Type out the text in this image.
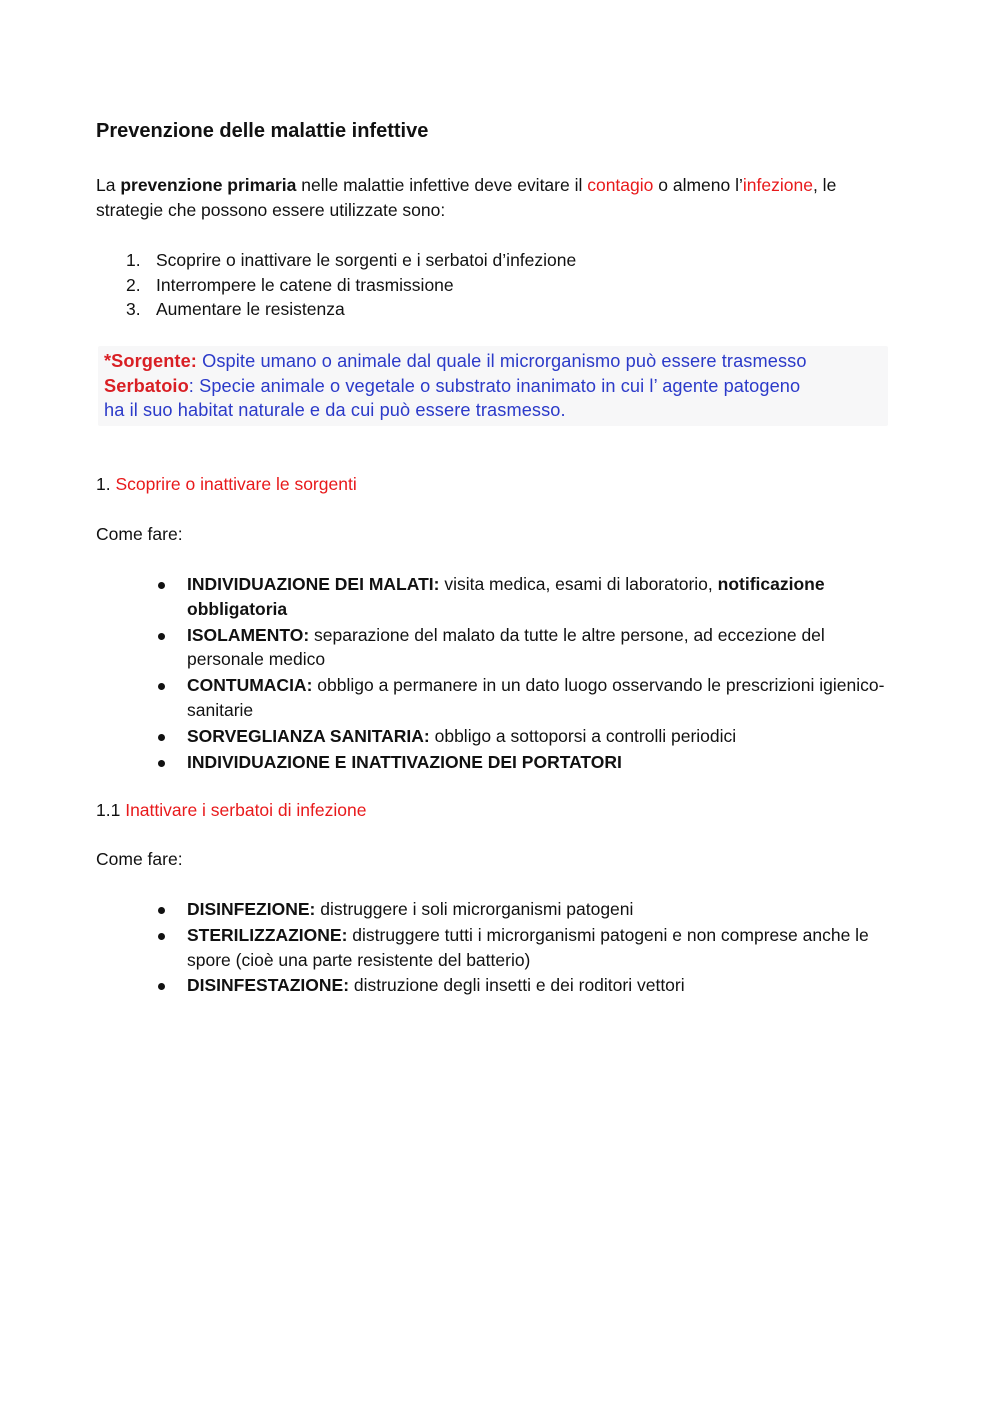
Prevenzione delle malattie infettive

La prevenzione primaria nelle malattie infettive deve evitare il contagio o almeno l’infezione, le strategie che possono essere utilizzate sono:

1. Scoprire o inattivare le sorgenti e i serbatoi d’infezione
2. Interrompere le catene di trasmissione
3. Aumentare le resistenza

*Sorgente: Ospite umano o animale dal quale il microrganismo può essere trasmesso

Serbatoio: Specie animale o vegetale o substrato inanimato in cui l’ agente patogeno

ha il suo habitat naturale e da cui può essere trasmesso.

1. Scoprire o inattivare le sorgenti

Come fare:

INDIVIDUAZIONE DEI MALATI: visita medica, esami di laboratorio, notificazione obbligatoria
ISOLAMENTO: separazione del malato da tutte le altre persone, ad eccezione del personale medico
CONTUMACIA: obbligo a permanere in un dato luogo osservando le prescrizioni igienico-sanitarie
SORVEGLIANZA SANITARIA: obbligo a sottoporsi a controlli periodici
INDIVIDUAZIONE E INATTIVAZIONE DEI PORTATORI

1.1 Inattivare i serbatoi di infezione

Come fare:

DISINFEZIONE: distruggere i soli microrganismi patogeni
STERILIZZAZIONE: distruggere tutti i microrganismi patogeni e non comprese anche le spore (cioè una parte resistente del batterio)
DISINFESTAZIONE: distruzione degli insetti e dei roditori vettori
